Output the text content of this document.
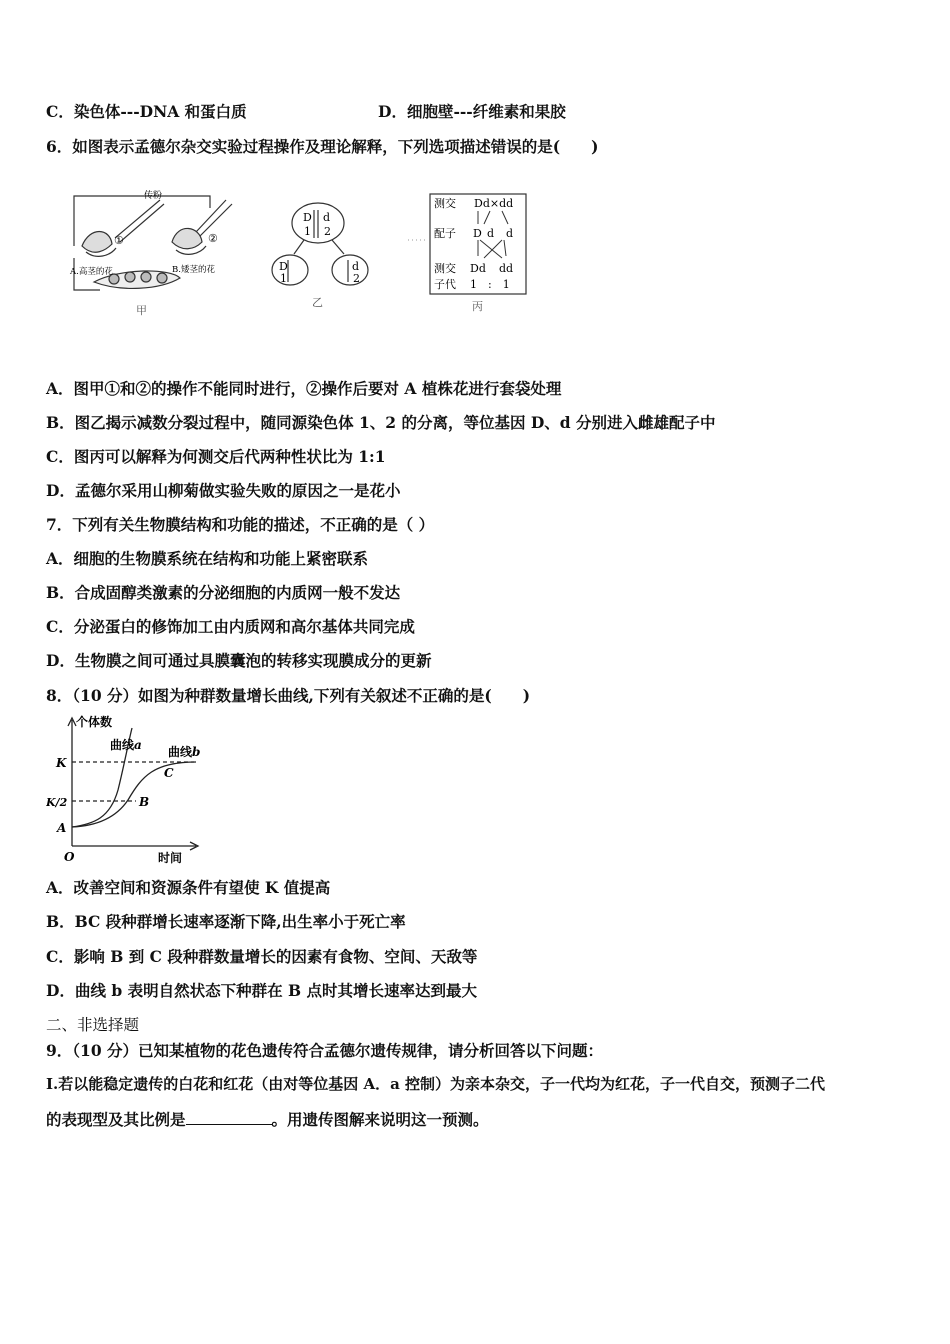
C．染色体---DNA 和蛋白质	D．细胞壁---纤维素和果胶
6．如图表示孟德尔杂交实验过程操作及理论解释，下列选项描述错误的是(　　)
传粉
①	②
A.高茎的花	B.矮茎的花
甲
D d
1 2
D
1
d
2
乙
测交 Dd×dd
配子 D d d
测交
子代
Dd dd
1　:　1
丙
A．图甲①和②的操作不能同时进行，②操作后要对 A 植株花进行套袋处理
B．图乙揭示减数分裂过程中，随同源染色体 1、2 的分离，等位基因 D、d 分别进入雌雄配子中
C．图丙可以解释为何测交后代两种性状比为 1:1
D．孟德尔采用山柳菊做实验失败的原因之一是花小
7．下列有关生物膜结构和功能的描述，不正确的是（ ）
A．细胞的生物膜系统在结构和功能上紧密联系
B．合成固醇类激素的分泌细胞的内质网一般不发达
C．分泌蛋白的修饰加工由内质网和高尔基体共同完成
D．生物膜之间可通过具膜囊泡的转移实现膜成分的更新
8．（10 分）如图为种群数量增长曲线,下列有关叙述不正确的是(　　)
个体数
时间
O
K
K/2
A
B
C
曲线a 曲线b
A．改善空间和资源条件有望使 K 值提高
B．BC 段种群增长速率逐渐下降,出生率小于死亡率
C．影响 B 到 C 段种群数量增长的因素有食物、空间、天敌等
D．曲线 b 表明自然状态下种群在 B 点时其增长速率达到最大
二、非选择题
9．（10 分）已知某植物的花色遗传符合孟德尔遗传规律，请分析回答以下问题：
I.若以能稳定遗传的白花和红花（由对等位基因 A．a 控制）为亲本杂交，子一代均为红花，子一代自交，预测子二代
的表现型及其比例是	。用遗传图解来说明这一预测。
